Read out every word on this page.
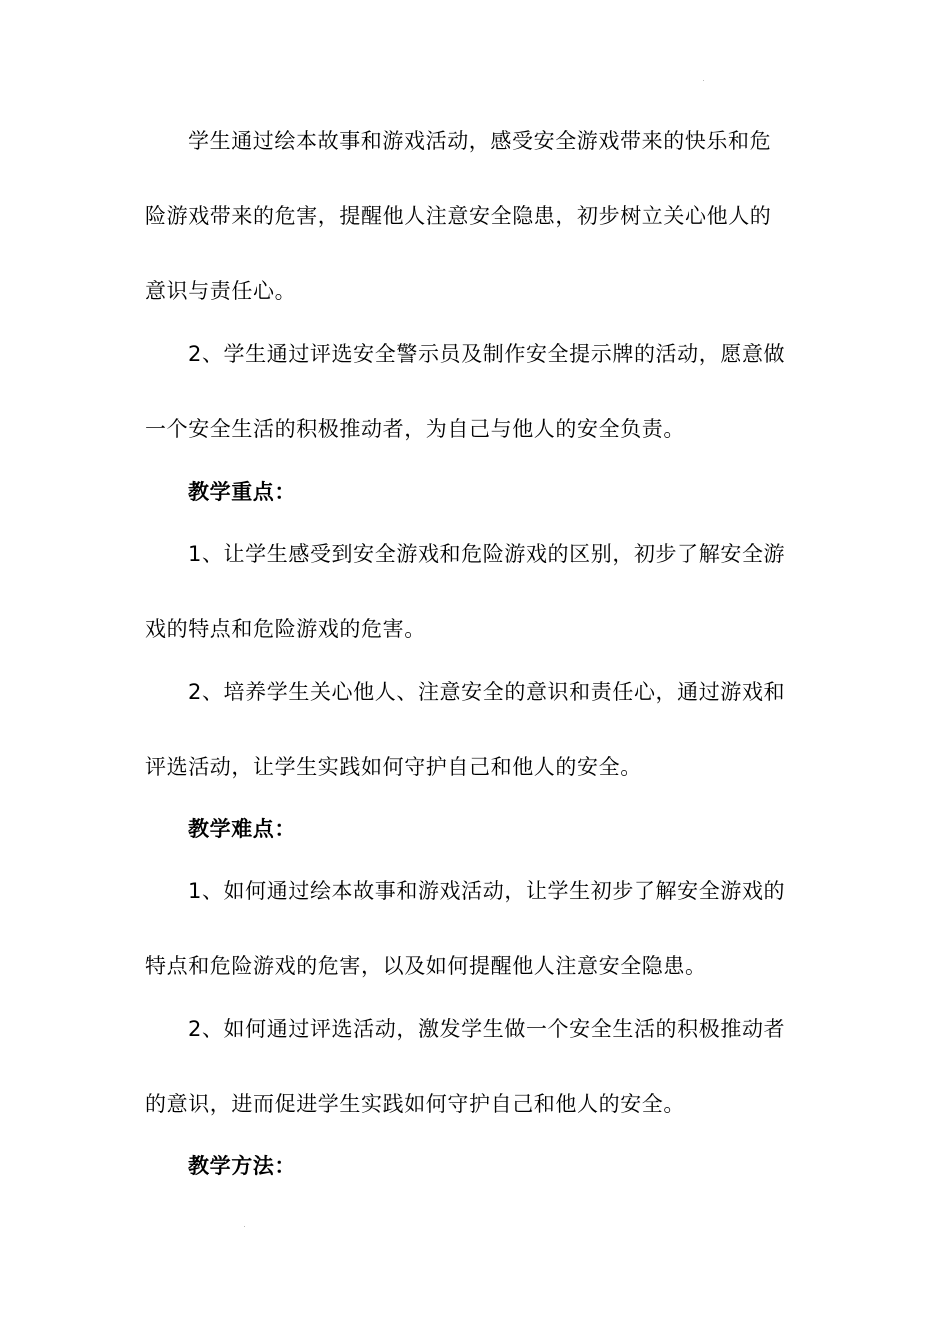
学生通过绘本故事和游戏活动，感受安全游戏带来的快乐和危
险游戏带来的危害，提醒他人注意安全隐患，初步树立关心他人的
意识与责任心。
2、学生通过评选安全警示员及制作安全提示牌的活动，愿意做
一个安全生活的积极推动者，为自己与他人的安全负责。
教学重点：
1、让学生感受到安全游戏和危险游戏的区别，初步了解安全游
戏的特点和危险游戏的危害。
2、培养学生关心他人、注意安全的意识和责任心，通过游戏和
评选活动，让学生实践如何守护自己和他人的安全。
教学难点：
1、如何通过绘本故事和游戏活动，让学生初步了解安全游戏的
特点和危险游戏的危害，以及如何提醒他人注意安全隐患。
2、如何通过评选活动，激发学生做一个安全生活的积极推动者
的意识，进而促进学生实践如何守护自己和他人的安全。
教学方法：
